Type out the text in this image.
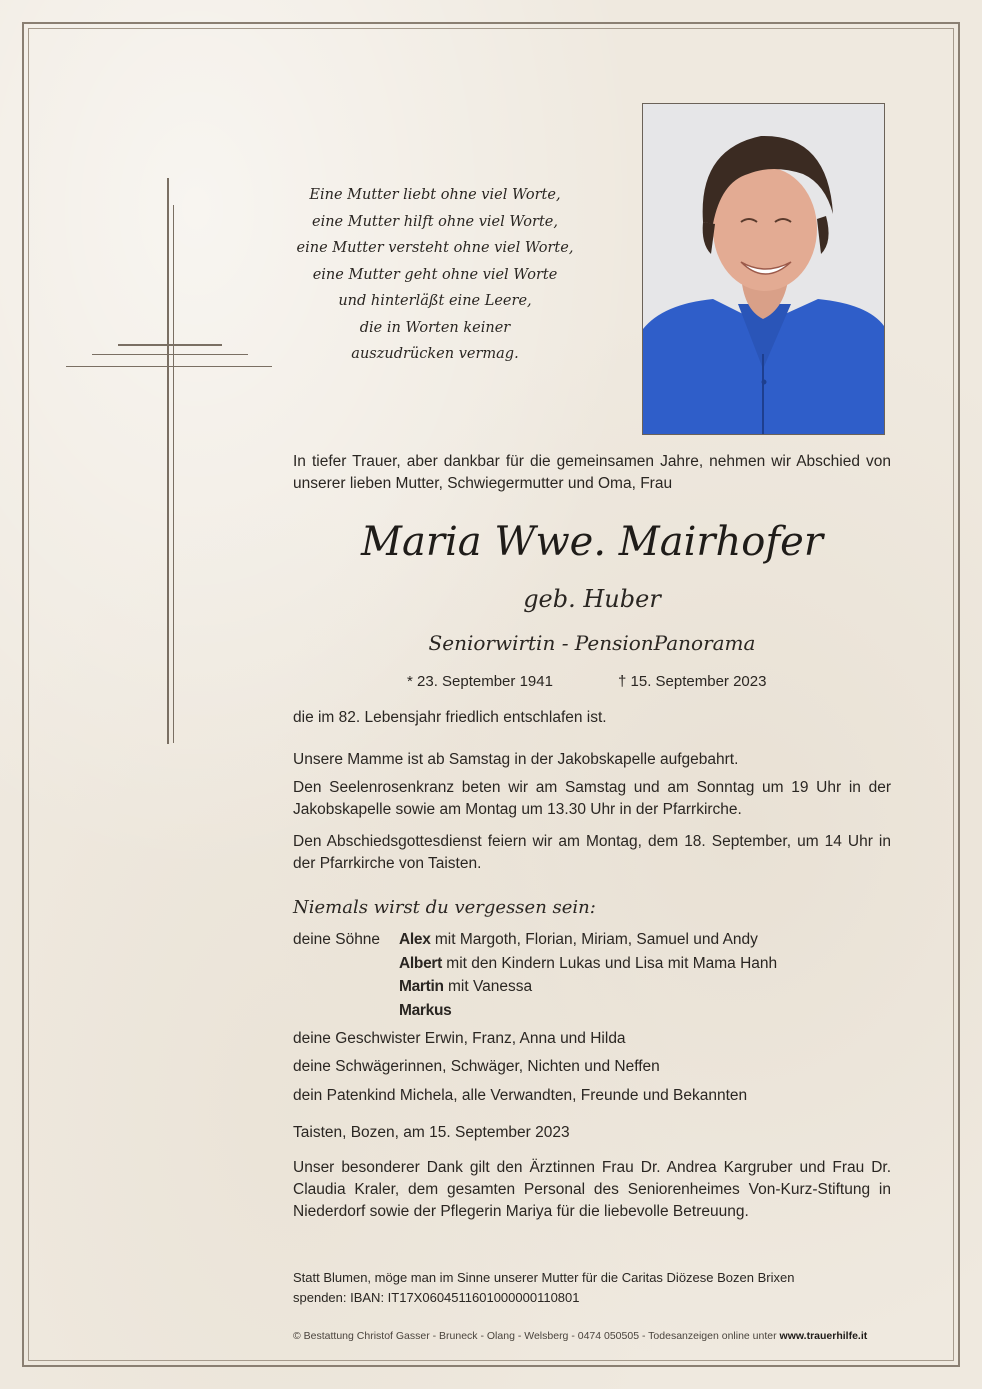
Eine Mutter liebt ohne viel Worte,
eine Mutter hilft ohne viel Worte,
eine Mutter versteht ohne viel Worte,
eine Mutter geht ohne viel Worte
und hinterläßt eine Leere,
die in Worten keiner
auszudrücken vermag.
In tiefer Trauer, aber dankbar für die gemeinsamen Jahre, nehmen wir Abschied von unserer lieben Mutter, Schwiegermutter und Oma, Frau
Maria Wwe. Mairhofer
geb. Huber
Seniorwirtin - PensionPanorama
* 23. September 1941	† 15. September 2023
die im 82. Lebensjahr friedlich entschlafen ist.
Unsere Mamme ist ab Samstag in der Jakobskapelle aufgebahrt.
Den Seelenrosenkranz beten wir am Samstag und am Sonntag um 19 Uhr in der Jakobskapelle sowie am Montag um 13.30 Uhr in der Pfarrkirche.
Den Abschiedsgottesdienst feiern wir am Montag, dem 18. September, um 14 Uhr in der Pfarrkirche von Taisten.
Niemals wirst du vergessen sein:
deine Söhne	Alex mit Margoth, Florian, Miriam, Samuel und Andy
Albert mit den Kindern Lukas und Lisa mit Mama Hanh
Martin mit Vanessa
Markus
deine Geschwister Erwin, Franz, Anna und Hilda
deine Schwägerinnen, Schwäger, Nichten und Neffen
dein Patenkind Michela, alle Verwandten, Freunde und Bekannten
Taisten, Bozen, am 15. September 2023
Unser besonderer Dank gilt den Ärztinnen Frau Dr. Andrea Kargruber und Frau Dr. Claudia Kraler, dem gesamten Personal des Seniorenheimes Von-Kurz-Stiftung in Niederdorf sowie der Pflegerin Mariya für die liebevolle Betreuung.
Statt Blumen, möge man im Sinne unserer Mutter für die Caritas Diözese Bozen Brixen
spenden: IBAN: IT17X0604511601000000110801
© Bestattung Christof Gasser - Bruneck - Olang - Welsberg - 0474 050505 - Todesanzeigen online unter www.trauerhilfe.it
